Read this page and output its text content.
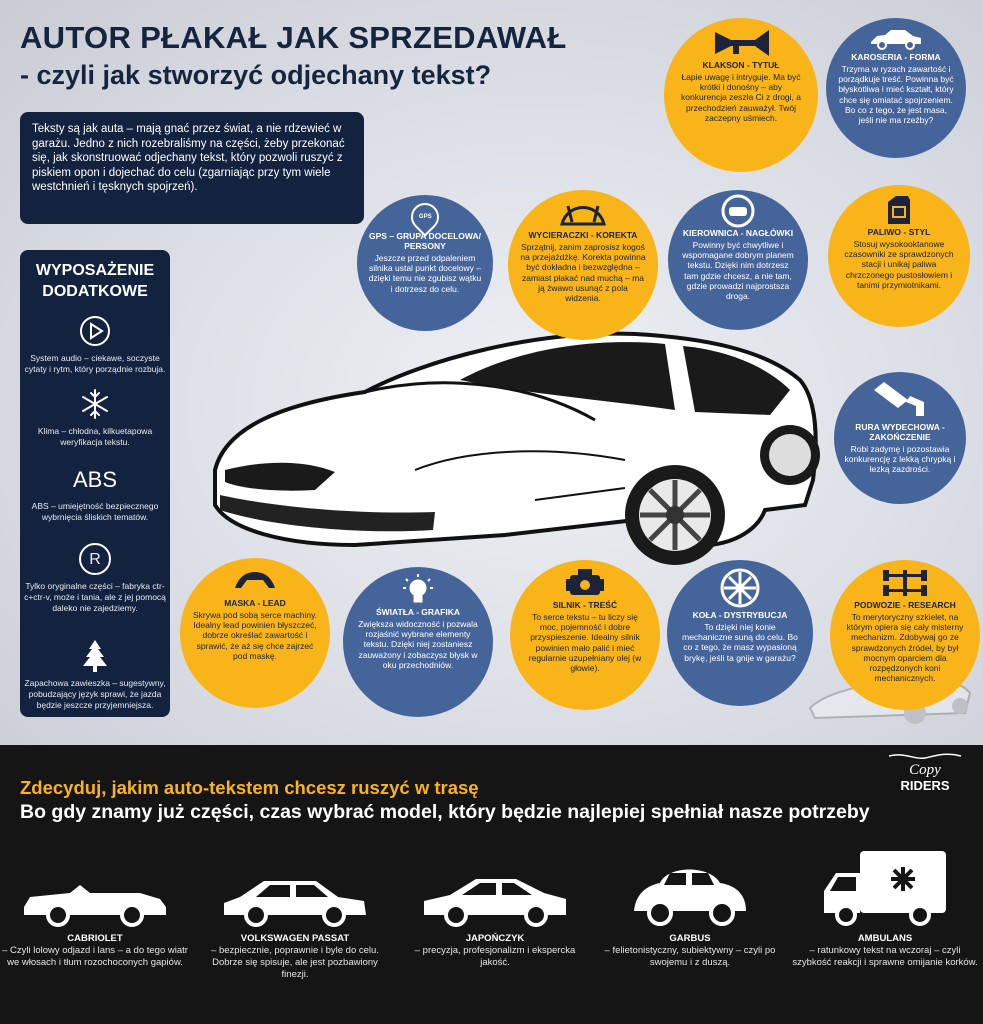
AUTOR PŁAKAŁ JAK SPRZEDAWAŁ
- czyli jak stworzyć odjechany tekst?
Teksty są jak auta – mają gnać przez świat, a nie rdzewieć w garażu. Jedno z nich rozebraliśmy na części, żeby przekonać się, jak skonstruować odjechany tekst, który pozwoli ruszyć z piskiem opon i dojechać do celu (zgarniając przy tym wiele westchnień i tęsknych spojrzeń).
WYPOSAŻENIE DODATKOWE
System audio – ciekawe, soczyste cytaty i rytm, który porządnie rozbuja.
Klima – chłodna, kilkuetapowa weryfikacja tekstu.
ABS
ABS – umiejętność bezpiecznego wybrnięcia śliskich tematów.
R
Tylko oryginalne części – fabryka ctr-c+ctr-v, może i tania, ale z jej pomocą daleko nie zajedziemy.
Zapachowa zawieszka – sugestywny, pobudzający język sprawi, że jazda będzie jeszcze przyjemniejsza.
KLAKSON - TYTUŁ
Łapie uwagę i intryguje. Ma być krótki i donośny – aby konkurencja zeszła Ci z drogi, a przechodzień zauważył. Twój zaczepny uśmiech.
KAROSERIA - FORMA
Trzyma w ryzach zawartość i porządkuje treść. Powinna być błyskotliwa i mieć kształt, który chce się omiatać spojrzeniem. Bo co z tego, że jest masa, jeśli nie ma rzeźby?
GPS
GPS – GRUPA DOCELOWA/ PERSONY
Jeszcze przed odpaleniem silnika ustal punkt docelowy – dzięki temu nie zgubisz wątku i dotrzesz do celu.
WYCIERACZKI - KOREKTA
Sprzątnij, zanim zaprosisz kogoś na przejażdżkę. Korekta powinna być dokładna i bezwzględna – zamiast płakać nad muchą – ma ją żwawo usunąć z pola widzenia.
KIEROWNICA - NAGŁÓWKI
Powinny być chwytliwe i wspomagane dobrym planem tekstu. Dzięki nim dotrzesz tam gdzie chcesz, a nie tam, gdzie prowadzi najprostsza droga.
PALIWO - STYL
Stosuj wysokooktanowe czasowniki ze sprawdzonych stacji i unikaj paliwa chrzczonego pustosłowiem i tanimi przymiotnikami.
RURA WYDECHOWA - ZAKOŃCZENIE
Robi zadymę i pozostawia konkurencję z lekką chrypką i łezką zazdrości.
MASKA - LEAD
Skrywa pod sobą serce machiny. Idealny lead powinien błyszczeć, dobrze określać zawartość i sprawić, że aż się chce zajrzeć pod maskę.
ŚWIATŁA - GRAFIKA
Zwiększa widoczność i pozwala rozjaśnić wybrane elementy tekstu. Dzięki niej zostaniesz zauważony i zobaczysz błysk w oku przechodniów.
SILNIK - TREŚĆ
To serce tekstu – tu liczy się moc, pojemność i dobre przyspieszenie. Idealny silnik powinien mało palić i mieć regularnie uzupełniany olej (w głowie).
KOŁA - DYSTRYBUCJA
To dzięki niej konie mechaniczne suną do celu. Bo co z tego, że masz wypasioną brykę, jeśli ta gnije w garażu?
PODWOZIE - RESEARCH
To merytoryczny szkielet, na którym opiera się cały misterny mechanizm. Zdobywaj go ze sprawdzonych źródeł, by był mocnym oparciem dla rozpędzonych koni mechanicznych.
Zdecyduj, jakim auto-tekstem chcesz ruszyć w trasę
Bo gdy znamy już części, czas wybrać model, który będzie najlepiej spełniał nasze potrzeby
Copy
RIDERS
CABRIOLET
– Czyli lolowy odjazd i lans – a do tego wiatr we włosach i tłum rozochoconych gapiów.
VOLKSWAGEN PASSAT
– bezpiecznie, poprawnie i byle do celu. Dobrze się spisuje, ale jest pozbawiony finezji.
JAPOŃCZYK
– precyzja, profesjonalizm i ekspercka jakość.
GARBUS
– felietonistyczny, subiektywny – czyli po swojemu i z duszą.
AMBULANS
– ratunkowy tekst na wczoraj – czyli szybkość reakcji i sprawne omijanie korków.
